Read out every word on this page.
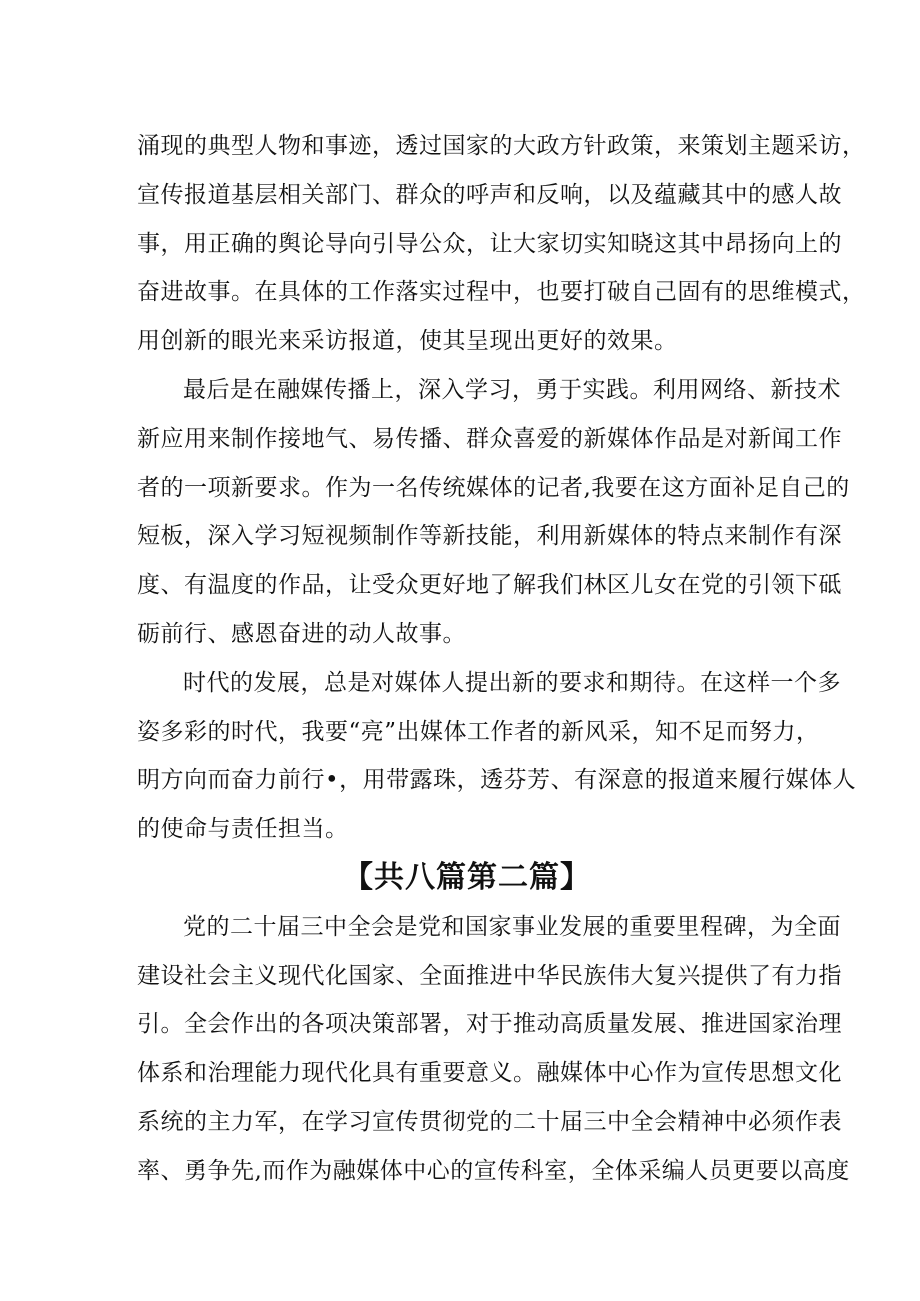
涌现的典型人物和事迹，透过国家的大政方针政策，来策划主题采访，
宣传报道基层相关部门、群众的呼声和反响，以及蕴藏其中的感人故
事，用正确的舆论导向引导公众，让大家切实知晓这其中昂扬向上的
奋进故事。在具体的工作落实过程中，也要打破自己固有的思维模式，
用创新的眼光来采访报道，使其呈现出更好的效果。
最后是在融媒传播上，深入学习，勇于实践。利用网络、新技术
新应用来制作接地气、易传播、群众喜爱的新媒体作品是对新闻工作
者的一项新要求。作为一名传统媒体的记者,我要在这方面补足自己的
短板，深入学习短视频制作等新技能，利用新媒体的特点来制作有深
度、有温度的作品，让受众更好地了解我们林区儿女在党的引领下砥
砺前行、感恩奋进的动人故事。
时代的发展，总是对媒体人提出新的要求和期待。在这样一个多
姿多彩的时代，我要“亮”出媒体工作者的新风采，知不足而努力，
明方向而奋力前行•，用带露珠，透芬芳、有深意的报道来履行媒体人
的使命与责任担当。
【共八篇第二篇】
党的二十届三中全会是党和国家事业发展的重要里程碑，为全面
建设社会主义现代化国家、全面推进中华民族伟大复兴提供了有力指
引。全会作出的各项决策部署，对于推动高质量发展、推进国家治理
体系和治理能力现代化具有重要意义。融媒体中心作为宣传思想文化
系统的主力军，在学习宣传贯彻党的二十届三中全会精神中必须作表
率、勇争先,而作为融媒体中心的宣传科室，全体采编人员更要以高度
